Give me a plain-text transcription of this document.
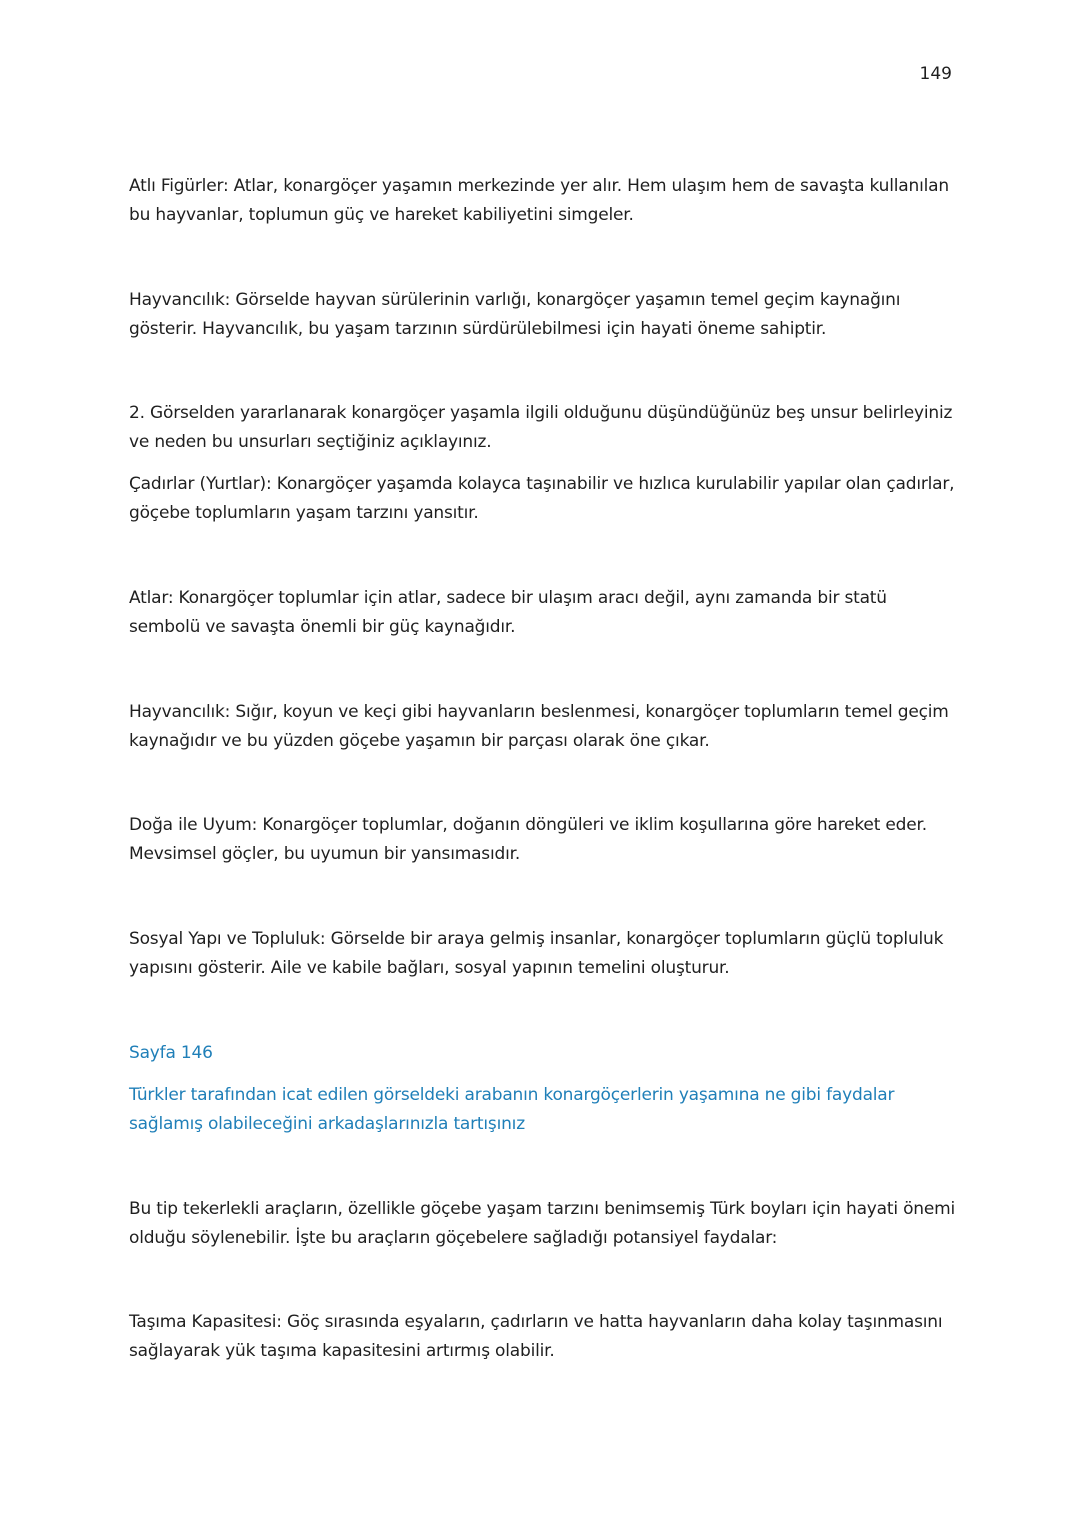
149

Atlı Figürler: Atlar, konargöçer yaşamın merkezinde yer alır. Hem ulaşım hem de savaşta kullanılan bu hayvanlar, toplumun güç ve hareket kabiliyetini simgeler.

Hayvancılık: Görselde hayvan sürülerinin varlığı, konargöçer yaşamın temel geçim kaynağını gösterir. Hayvancılık, bu yaşam tarzının sürdürülebilmesi için hayati öneme sahiptir.

2. Görselden yararlanarak konargöçer yaşamla ilgili olduğunu düşündüğünüz beş unsur belirleyiniz ve neden bu unsurları seçtiğiniz açıklayınız.

Çadırlar (Yurtlar): Konargöçer yaşamda kolayca taşınabilir ve hızlıca kurulabilir yapılar olan çadırlar, göçebe toplumların yaşam tarzını yansıtır.

Atlar: Konargöçer toplumlar için atlar, sadece bir ulaşım aracı değil, aynı zamanda bir statü sembolü ve savaşta önemli bir güç kaynağıdır.

Hayvancılık: Sığır, koyun ve keçi gibi hayvanların beslenmesi, konargöçer toplumların temel geçim kaynağıdır ve bu yüzden göçebe yaşamın bir parçası olarak öne çıkar.

Doğa ile Uyum: Konargöçer toplumlar, doğanın döngüleri ve iklim koşullarına göre hareket eder. Mevsimsel göçler, bu uyumun bir yansımasıdır.

Sosyal Yapı ve Topluluk: Görselde bir araya gelmiş insanlar, konargöçer toplumların güçlü topluluk yapısını gösterir. Aile ve kabile bağları, sosyal yapının temelini oluşturur.

Sayfa 146

Türkler tarafından icat edilen görseldeki arabanın konargöçerlerin yaşamına ne gibi faydalar sağlamış olabileceğini arkadaşlarınızla tartışınız

Bu tip tekerlekli araçların, özellikle göçebe yaşam tarzını benimsemiş Türk boyları için hayati önemi olduğu söylenebilir. İşte bu araçların göçebelere sağladığı potansiyel faydalar:

Taşıma Kapasitesi: Göç sırasında eşyaların, çadırların ve hatta hayvanların daha kolay taşınmasını sağlayarak yük taşıma kapasitesini artırmış olabilir.
